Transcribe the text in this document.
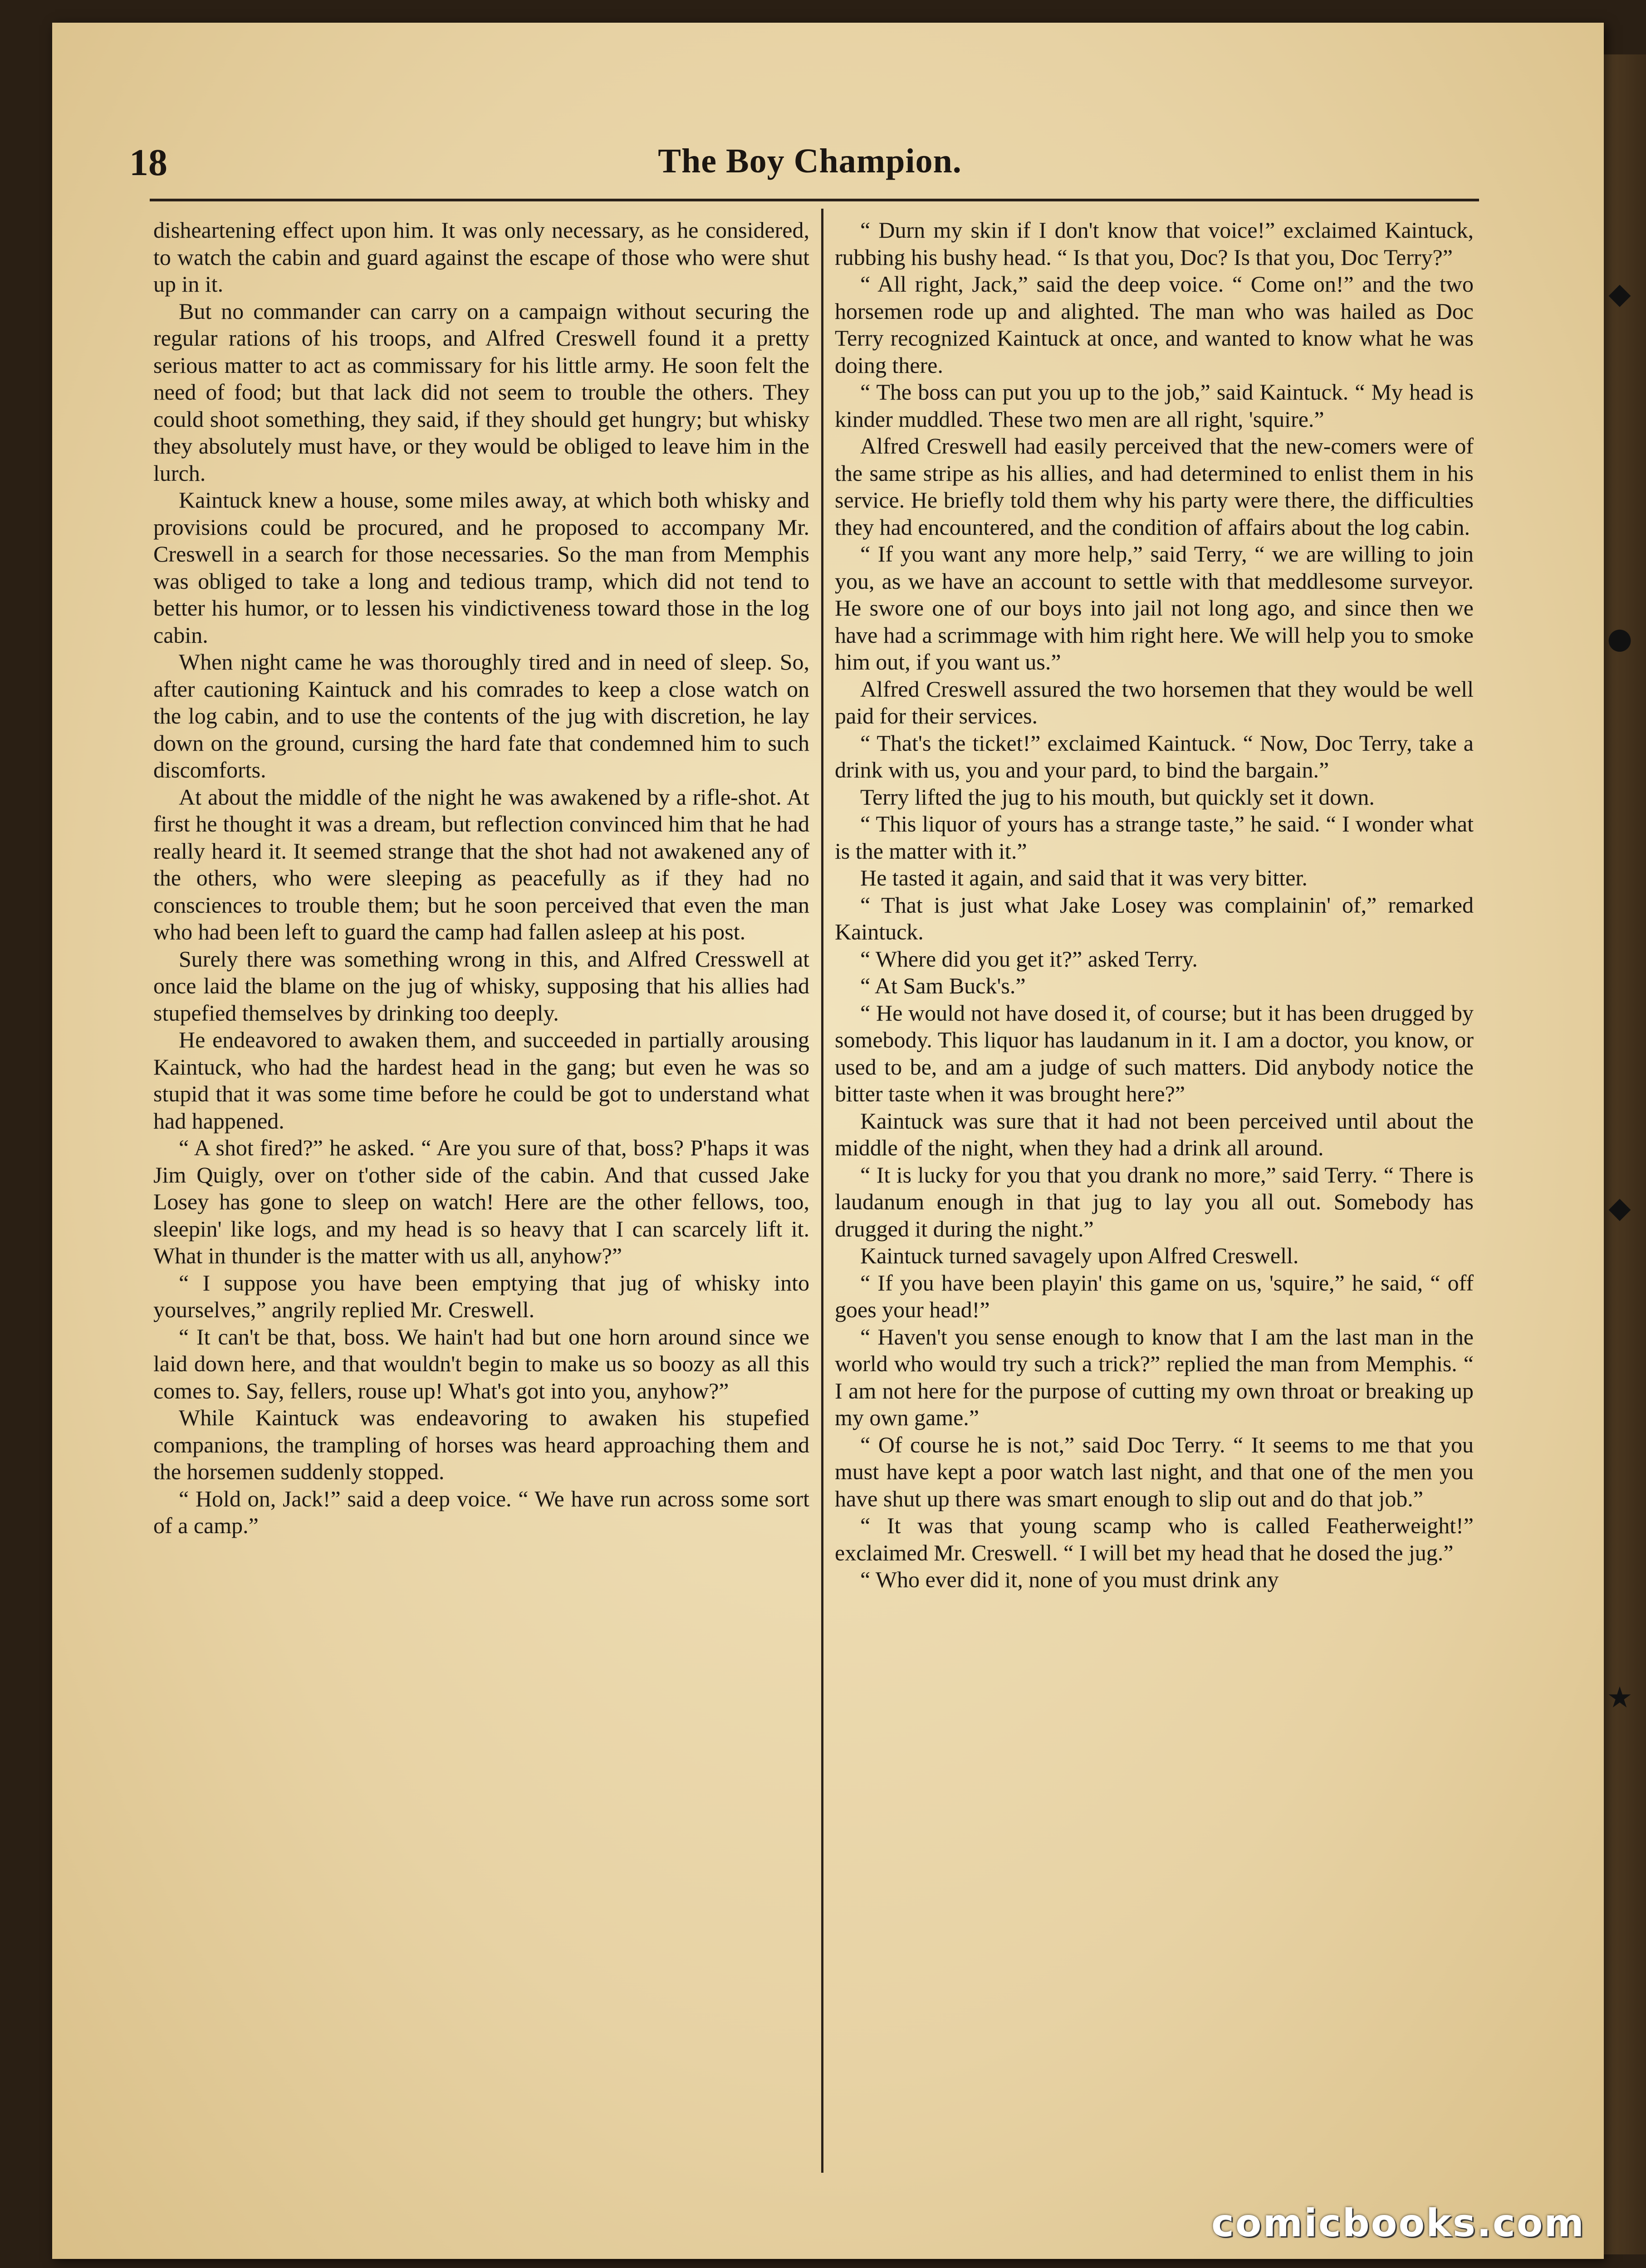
◆
●
◆
★
18	The Boy Champion.

disheartening effect upon him. It was only necessary, as he considered, to watch the cabin and guard against the escape of those who were shut up in it.

But no commander can carry on a campaign without securing the regular rations of his troops, and Alfred Creswell found it a pretty serious matter to act as commissary for his little army. He soon felt the need of food; but that lack did not seem to trouble the others. They could shoot something, they said, if they should get hungry; but whisky they absolutely must have, or they would be obliged to leave him in the lurch.

Kaintuck knew a house, some miles away, at which both whisky and provisions could be procured, and he proposed to accompany Mr. Creswell in a search for those necessaries. So the man from Memphis was obliged to take a long and tedious tramp, which did not tend to better his humor, or to lessen his vindictiveness toward those in the log cabin.

When night came he was thoroughly tired and in need of sleep. So, after cautioning Kaintuck and his comrades to keep a close watch on the log cabin, and to use the contents of the jug with discretion, he lay down on the ground, cursing the hard fate that condemned him to such discomforts.

At about the middle of the night he was awakened by a rifle-shot. At first he thought it was a dream, but reflection convinced him that he had really heard it. It seemed strange that the shot had not awakened any of the others, who were sleeping as peacefully as if they had no consciences to trouble them; but he soon perceived that even the man who had been left to guard the camp had fallen asleep at his post.

Surely there was something wrong in this, and Alfred Cresswell at once laid the blame on the jug of whisky, supposing that his allies had stupefied themselves by drinking too deeply.

He endeavored to awaken them, and succeeded in partially arousing Kaintuck, who had the hardest head in the gang; but even he was so stupid that it was some time before he could be got to understand what had happened.

“ A shot fired?” he asked. “ Are you sure of that, boss? P'haps it was Jim Quigly, over on t'other side of the cabin. And that cussed Jake Losey has gone to sleep on watch! Here are the other fellows, too, sleepin' like logs, and my head is so heavy that I can scarcely lift it. What in thunder is the matter with us all, anyhow?”

“ I suppose you have been emptying that jug of whisky into yourselves,” angrily replied Mr. Creswell.

“ It can't be that, boss. We hain't had but one horn around since we laid down here, and that wouldn't begin to make us so boozy as all this comes to. Say, fellers, rouse up! What's got into you, anyhow?”

While Kaintuck was endeavoring to awaken his stupefied companions, the trampling of horses was heard approaching them and the horsemen suddenly stopped.

“ Hold on, Jack!” said a deep voice. “ We have run across some sort of a camp.”

“ Durn my skin if I don't know that voice!” exclaimed Kaintuck, rubbing his bushy head. “ Is that you, Doc? Is that you, Doc Terry?”

“ All right, Jack,” said the deep voice. “ Come on!” and the two horsemen rode up and alighted. The man who was hailed as Doc Terry recognized Kaintuck at once, and wanted to know what he was doing there.

“ The boss can put you up to the job,” said Kaintuck. “ My head is kinder muddled. These two men are all right, 'squire.”

Alfred Creswell had easily perceived that the new-comers were of the same stripe as his allies, and had determined to enlist them in his service. He briefly told them why his party were there, the difficulties they had encountered, and the condition of affairs about the log cabin.

“ If you want any more help,” said Terry, “ we are willing to join you, as we have an account to settle with that meddlesome surveyor. He swore one of our boys into jail not long ago, and since then we have had a scrimmage with him right here. We will help you to smoke him out, if you want us.”

Alfred Creswell assured the two horsemen that they would be well paid for their services.

“ That's the ticket!” exclaimed Kaintuck. “ Now, Doc Terry, take a drink with us, you and your pard, to bind the bargain.”

Terry lifted the jug to his mouth, but quickly set it down.

“ This liquor of yours has a strange taste,” he said. “ I wonder what is the matter with it.”

He tasted it again, and said that it was very bitter.

“ That is just what Jake Losey was complainin' of,” remarked Kaintuck.

“ Where did you get it?” asked Terry.

“ At Sam Buck's.”

“ He would not have dosed it, of course; but it has been drugged by somebody. This liquor has laudanum in it. I am a doctor, you know, or used to be, and am a judge of such matters. Did anybody notice the bitter taste when it was brought here?”

Kaintuck was sure that it had not been perceived until about the middle of the night, when they had a drink all around.

“ It is lucky for you that you drank no more,” said Terry. “ There is laudanum enough in that jug to lay you all out. Somebody has drugged it during the night.”

Kaintuck turned savagely upon Alfred Creswell.

“ If you have been playin' this game on us, 'squire,” he said, “ off goes your head!”

“ Haven't you sense enough to know that I am the last man in the world who would try such a trick?” replied the man from Memphis. “ I am not here for the purpose of cutting my own throat or breaking up my own game.”

“ Of course he is not,” said Doc Terry. “ It seems to me that you must have kept a poor watch last night, and that one of the men you have shut up there was smart enough to slip out and do that job.”

“ It was that young scamp who is called Featherweight!” exclaimed Mr. Creswell. “ I will bet my head that he dosed the jug.”

“ Who ever did it, none of you must drink any

comicbooks.com
